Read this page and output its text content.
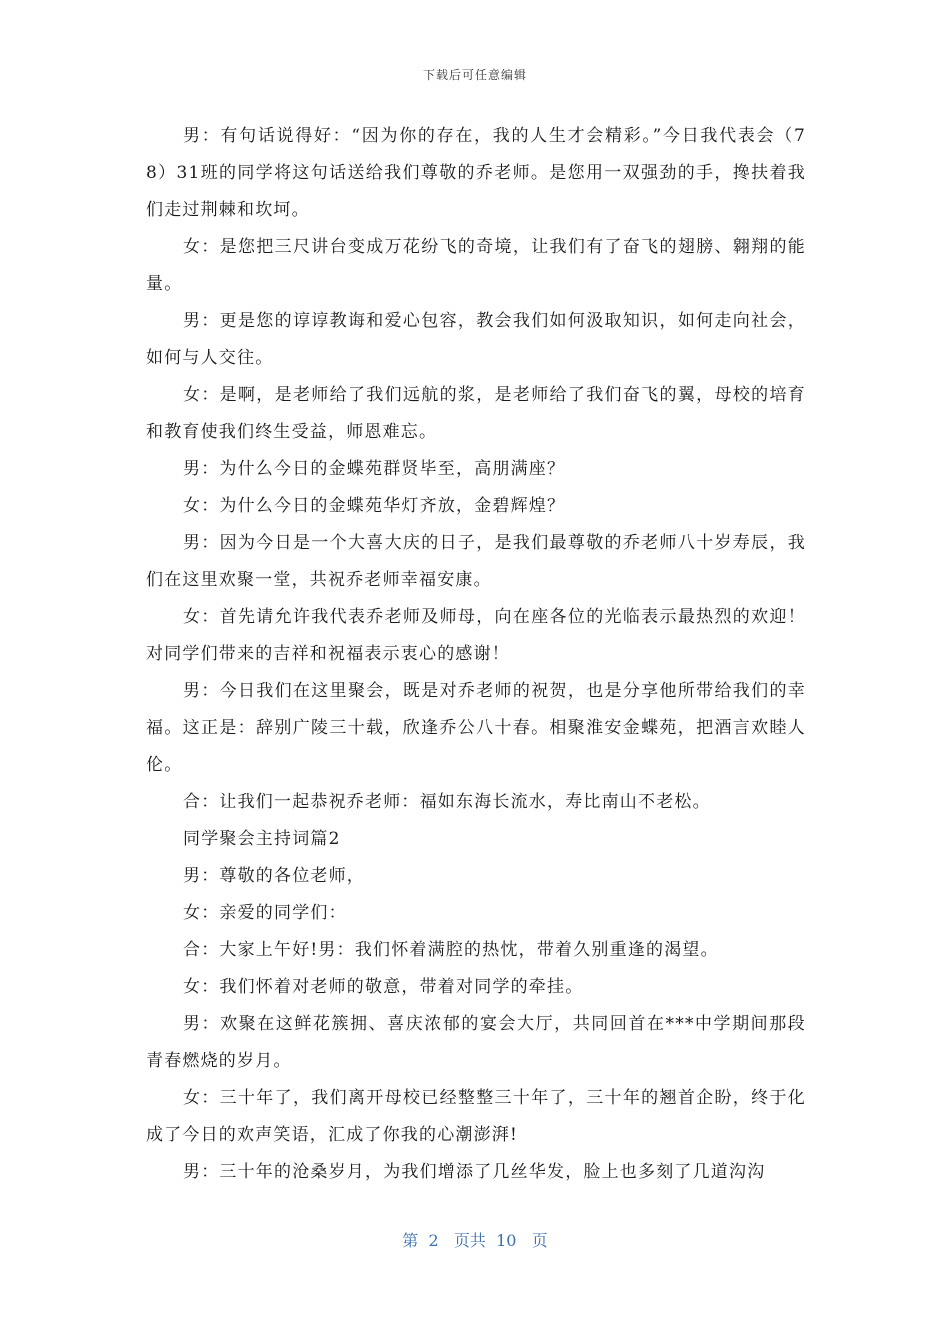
下载后可任意编辑

男：有句话说得好：“因为你的存在，我的人生才会精彩。”今日我代表会（78）31班的同学将这句话送给我们尊敬的乔老师。是您用一双强劲的手，搀扶着我们走过荆棘和坎坷。

女：是您把三尺讲台变成万花纷飞的奇境，让我们有了奋飞的翅膀、翱翔的能量。

男：更是您的谆谆教诲和爱心包容，教会我们如何汲取知识，如何走向社会，如何与人交往。

女：是啊，是老师给了我们远航的浆，是老师给了我们奋飞的翼，母校的培育和教育使我们终生受益，师恩难忘。

男：为什么今日的金蝶苑群贤毕至，高朋满座？

女：为什么今日的金蝶苑华灯齐放，金碧辉煌？

男：因为今日是一个大喜大庆的日子，是我们最尊敬的乔老师八十岁寿辰，我们在这里欢聚一堂，共祝乔老师幸福安康。

女：首先请允许我代表乔老师及师母，向在座各位的光临表示最热烈的欢迎！对同学们带来的吉祥和祝福表示衷心的感谢！

男：今日我们在这里聚会，既是对乔老师的祝贺，也是分享他所带给我们的幸福。这正是：辞别广陵三十载，欣逢乔公八十春。相聚淮安金蝶苑，把酒言欢睦人伦。

合：让我们一起恭祝乔老师：福如东海长流水，寿比南山不老松。

同学聚会主持词篇2

男：尊敬的各位老师，

女：亲爱的同学们：

合：大家上午好!男：我们怀着满腔的热忱，带着久别重逢的渴望。

女：我们怀着对老师的敬意，带着对同学的牵挂。

男：欢聚在这鲜花簇拥、喜庆浓郁的宴会大厅，共同回首在***中学期间那段青春燃烧的岁月。

女：三十年了，我们离开母校已经整整三十年了，三十年的翘首企盼，终于化成了今日的欢声笑语，汇成了你我的心潮澎湃!

男：三十年的沧桑岁月，为我们增添了几丝华发，脸上也多刻了几道沟沟

第  2   页共  10   页
